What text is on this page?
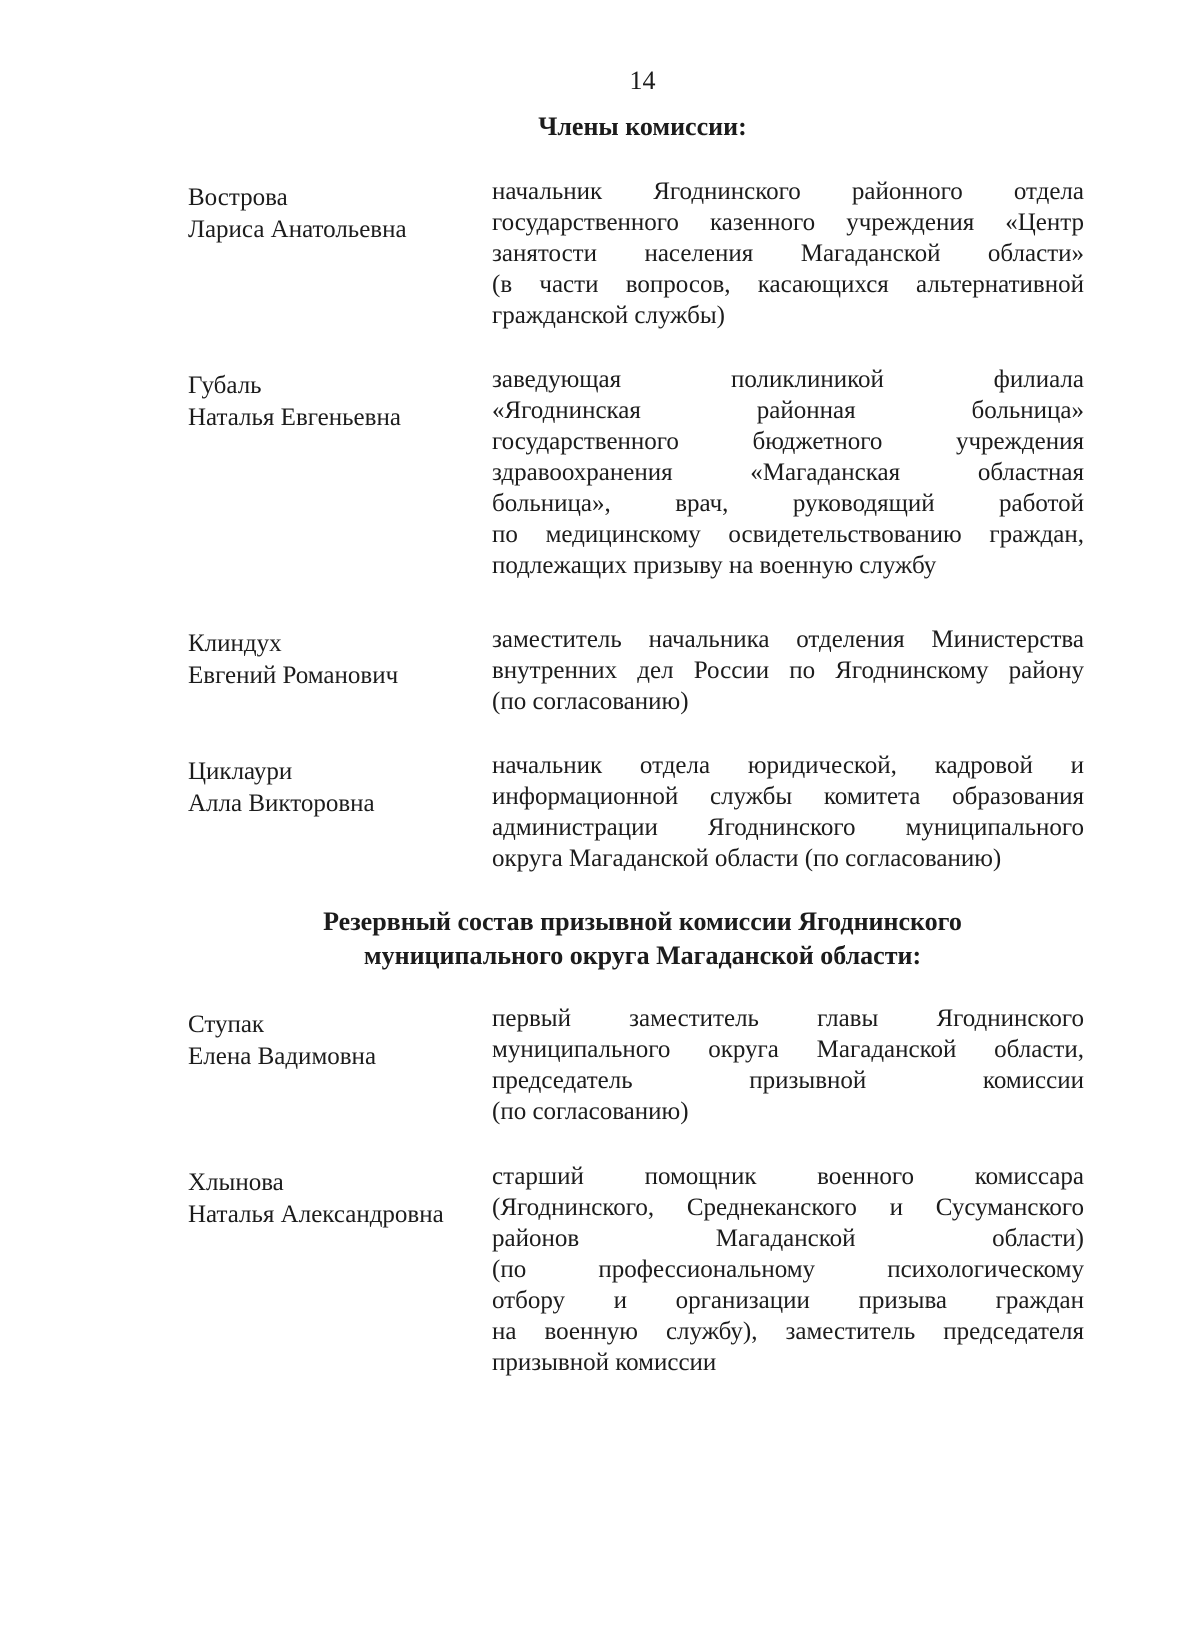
14
Члены комиссии:
Вострова
Лариса Анатольевна
начальник Ягоднинского районного отдела
государственного казенного учреждения «Центр
занятости населения Магаданской области»
(в части вопросов, касающихся альтернативной
гражданской службы)
Губаль
Наталья Евгеньевна
заведующая поликлиникой филиала
«Ягоднинская районная больница»
государственного бюджетного учреждения
здравоохранения «Магаданская областная
больница», врач, руководящий работой
по медицинскому освидетельствованию граждан,
подлежащих призыву на военную службу
Клиндух
Евгений Романович
заместитель начальника отделения Министерства
внутренних дел России по Ягоднинскому району
(по согласованию)
Циклаури
Алла Викторовна
начальник отдела юридической, кадровой и
информационной службы комитета образования
администрации Ягоднинского муниципального
округа Магаданской области (по согласованию)
Резервный состав призывной комиссии Ягоднинского
муниципального округа Магаданской области:
Ступак
Елена Вадимовна
первый заместитель главы Ягоднинского
муниципального округа Магаданской области,
председатель призывной комиссии
(по согласованию)
Хлынова
Наталья Александровна
старший помощник военного комиссара
(Ягоднинского, Среднеканского и Сусуманского
районов Магаданской области)
(по профессиональному психологическому
отбору и организации призыва граждан
на военную службу), заместитель председателя
призывной комиссии
